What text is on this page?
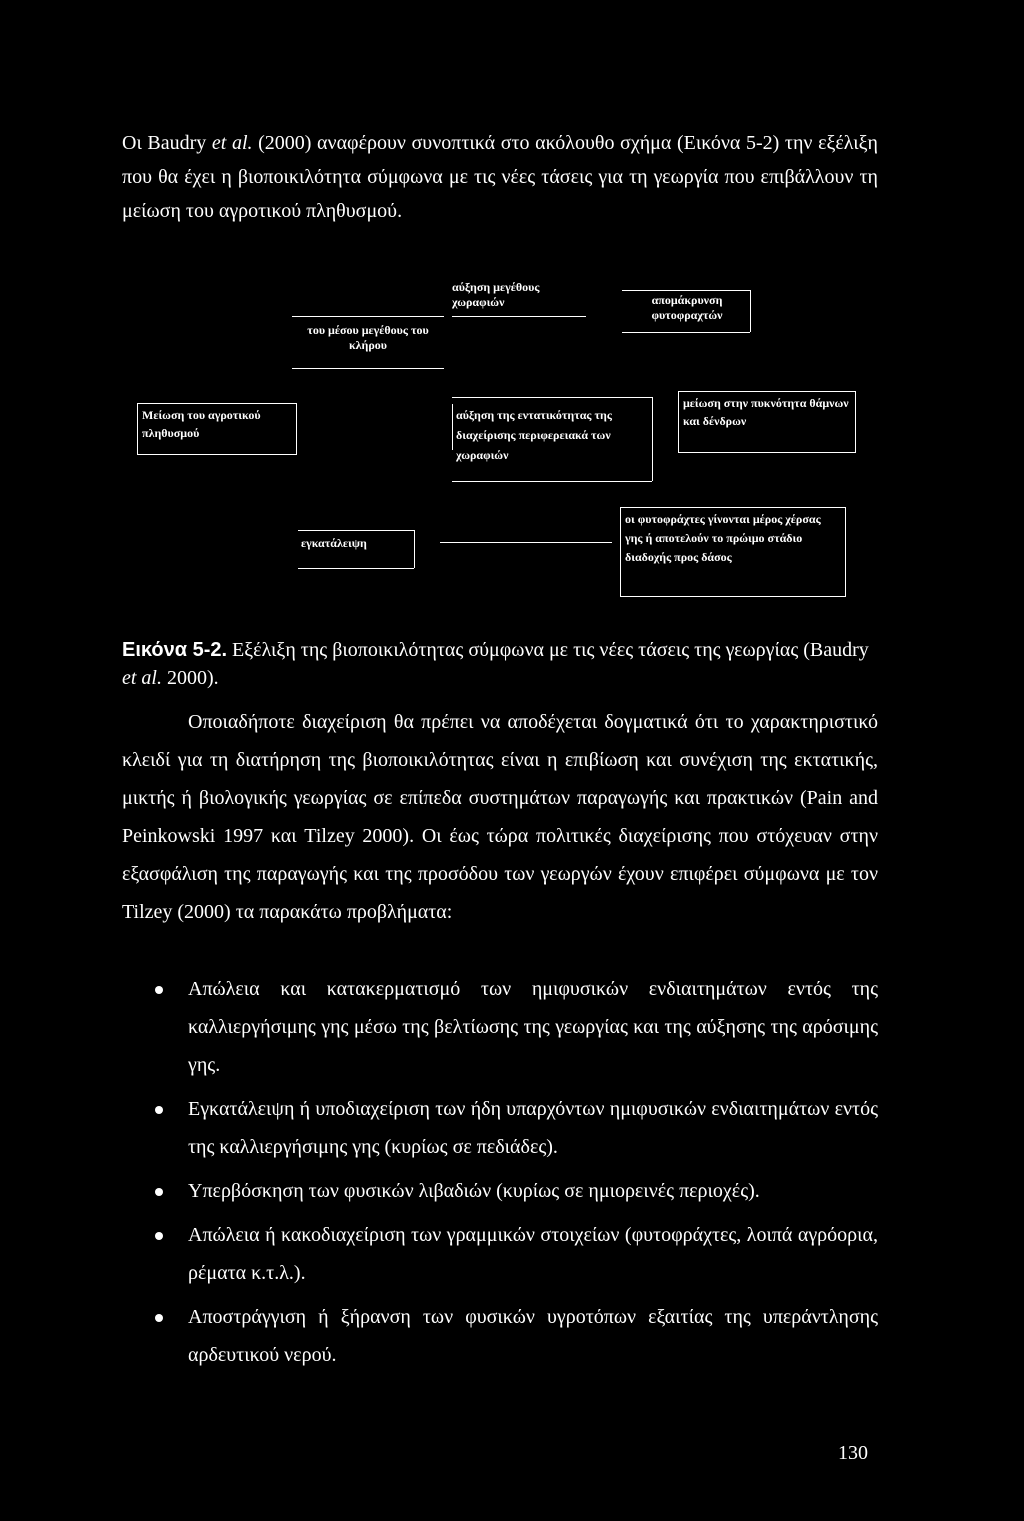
Οι Baudry et al. (2000) αναφέρουν συνοπτικά στο ακόλουθο σχήμα (Εικόνα 5-2) την εξέλιξη που θα έχει η βιοποικιλότητα σύμφωνα με τις νέες τάσεις για τη γεωργία που επιβάλλουν τη μείωση του αγροτικού πληθυσμού.

αύξηση μεγέθους χωραφιών	απομάκρυνση φυτοφραχτών
του μέσου μεγέθους του κλήρου
Μείωση του αγροτικού πληθυσμού
αύξηση της εντατικότητας της διαχείρισης περιφερειακά των χωραφιών
μείωση στην πυκνότητα θάμνων και δένδρων
εγκατάλειψη
οι φυτοφράχτες γίνονται μέρος χέρσας γης ή αποτελούν το πρώιμο στάδιο διαδοχής προς δάσος

Εικόνα 5-2. Εξέλιξη της βιοποικιλότητας σύμφωνα με τις νέες τάσεις της γεωργίας (Baudry et al. 2000).

Οποιαδήποτε διαχείριση θα πρέπει να αποδέχεται δογματικά ότι το χαρακτηριστικό κλειδί για τη διατήρηση της βιοποικιλότητας είναι η επιβίωση και συνέχιση της εκτατικής, μικτής ή βιολογικής γεωργίας σε επίπεδα συστημάτων παραγωγής και πρακτικών (Pain and Peinkowski 1997 και Tilzey 2000). Οι έως τώρα πολιτικές διαχείρισης που στόχευαν στην εξασφάλιση της παραγωγής και της προσόδου των γεωργών έχουν επιφέρει σύμφωνα με τον Tilzey (2000) τα παρακάτω προβλήματα:

Απώλεια και κατακερματισμό των ημιφυσικών ενδιαιτημάτων εντός της καλλιεργήσιμης γης μέσω της βελτίωσης της γεωργίας και της αύξησης της αρόσιμης γης.
Εγκατάλειψη ή υποδιαχείριση των ήδη υπαρχόντων ημιφυσικών ενδιαιτημάτων εντός της καλλιεργήσιμης γης (κυρίως σε πεδιάδες).
Υπερβόσκηση των φυσικών λιβαδιών (κυρίως σε ημιορεινές περιοχές).
Απώλεια ή κακοδιαχείριση των γραμμικών στοιχείων (φυτοφράχτες, λοιπά αγρόορια, ρέματα κ.τ.λ.).
Αποστράγγιση ή ξήρανση των φυσικών υγροτόπων εξαιτίας της υπεράντλησης αρδευτικού νερού.
130
